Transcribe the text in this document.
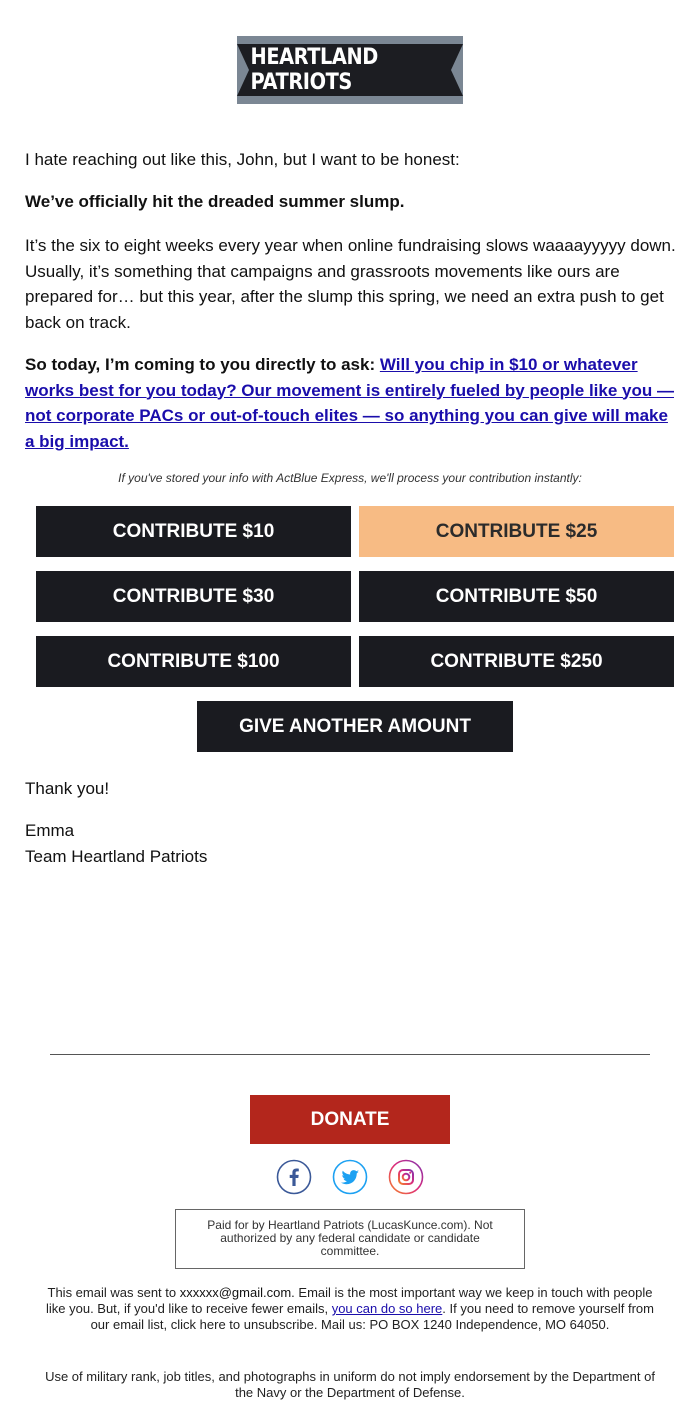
HEARTLAND PATRIOTS

I hate reaching out like this, John, but I want to be honest:

We’ve officially hit the dreaded summer slump.

It’s the six to eight weeks every year when online fundraising slows waaaayyyyy down. Usually, it’s something that campaigns and grassroots movements like ours are prepared for… but this year, after the slump this spring, we need an extra push to get back on track.

So today, I’m coming to you directly to ask: Will you chip in $10 or whatever works best for you today? Our movement is entirely fueled by people like you — not corporate PACs or out-of-touch elites — so anything you can give will make a big impact.

If you've stored your info with ActBlue Express, we'll process your contribution instantly:
CONTRIBUTE $10	CONTRIBUTE $25
CONTRIBUTE $30	CONTRIBUTE $50
CONTRIBUTE $100	CONTRIBUTE $250
GIVE ANOTHER AMOUNT

Thank you!

Emma

Team Heartland Patriots

DONATE
Paid for by Heartland Patriots (LucasKunce.com). Not authorized by any federal candidate or candidate committee.

This email was sent to xxxxxx@gmail.com. Email is the most important way we keep in touch with people like you. But, if you'd like to receive fewer emails, you can do so here. If you need to remove yourself from our email list, click here to unsubscribe. Mail us: PO BOX 1240 Independence, MO 64050.

Use of military rank, job titles, and photographs in uniform do not imply endorsement by the Department of the Navy or the Department of Defense.
